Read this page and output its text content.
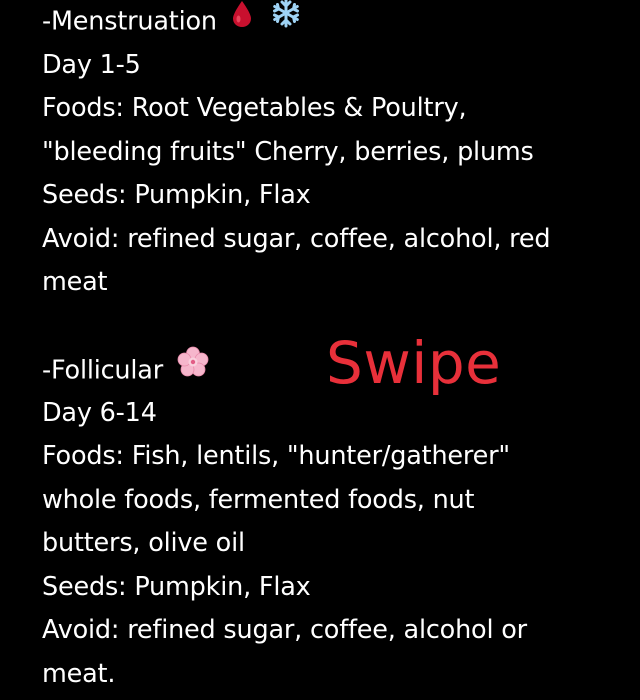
-Menstruation
Day 1-5
Foods: Root Vegetables & Poultry,
"bleeding fruits" Cherry, berries, plums
Seeds: Pumpkin, Flax
Avoid: refined sugar, coffee, alcohol, red
meat
-Follicular
Day 6-14
Foods: Fish, lentils, "hunter/gatherer"
whole foods, fermented foods, nut
butters, olive oil
Seeds: Pumpkin, Flax
Avoid: refined sugar, coffee, alcohol or
meat.
Swipe
